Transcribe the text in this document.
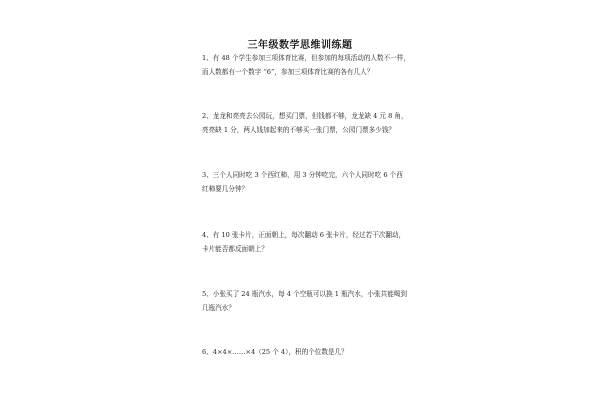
三年级数学思维训练题
1、有 48 个学生参加三项体育比赛，但参加的每项活动的人数不一样，
而人数都有一个数字 “6”，参加三项体育比赛的各有几人？
2、龙龙和亮亮去公园玩，想买门票，但钱都不够，龙龙缺 4 元 8 角，
亮亮缺 1 分，两人钱加起来的不够买一张门票，公园门票多少钱？
3、三个人同时吃 3 个西红柿，用 3 分钟吃完，六个人同时吃 6 个西
红柿要几分钟？
4、有 10 张卡片，正面朝上，每次翻动 6 张卡片，经过若干次翻动，
卡片能否都反面朝上？
5、小张买了 24 瓶汽水，每 4 个空瓶可以换 1 瓶汽水，小张共能喝到
几瓶汽水？
6、4×4×……×4（25 个 4），积的个位数是几？
